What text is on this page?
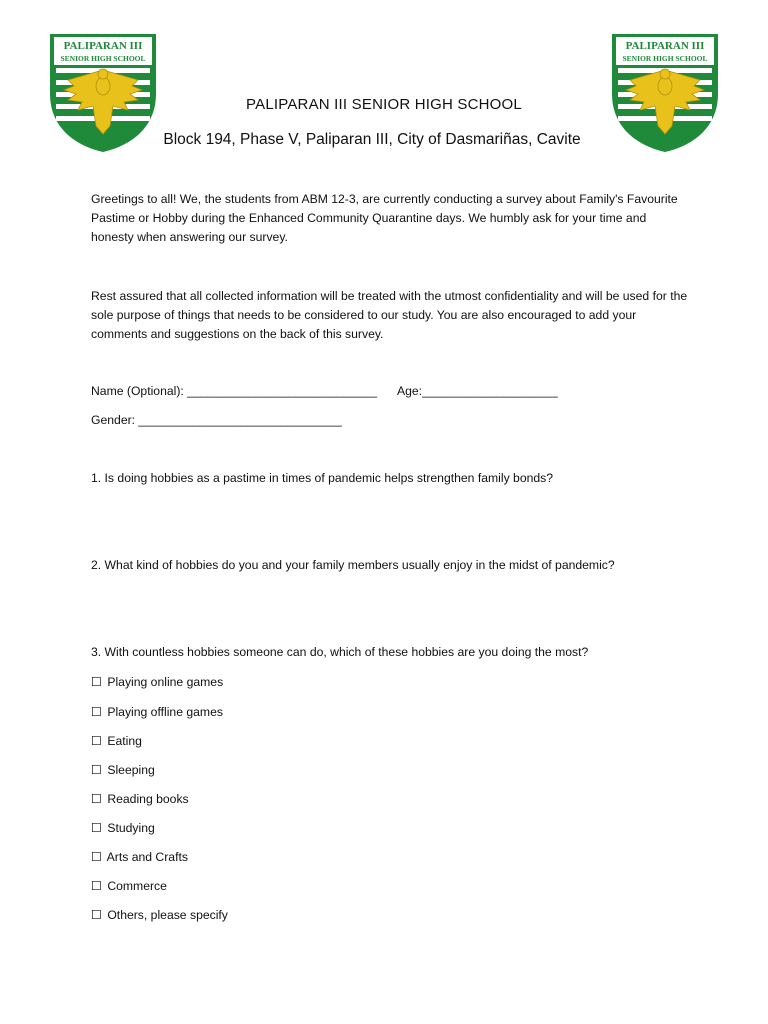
PALIPARAN III
SENIOR HIGH SCHOOL
PALIPARAN III
SENIOR HIGH SCHOOL
PALIPARAN III SENIOR HIGH SCHOOL
Block 194, Phase V, Paliparan III, City of Dasmariñas, Cavite

Greetings to all! We, the students from ABM 12-3, are currently conducting a survey about Family's Favourite Pastime or Hobby during the Enhanced Community Quarantine days. We humbly ask for your time and honesty when answering our survey.

Rest assured that all collected information will be treated with the utmost confidentiality and will be used for the sole purpose of things that needs to be considered to our study. You are also encouraged to add your comments and suggestions on the back of this survey.

Name (Optional): ____________________________ Age:____________________
Gender: ______________________________
1. Is doing hobbies as a pastime in times of pandemic helps strengthen family bonds?
2. What kind of hobbies do you and your family members usually enjoy in the midst of pandemic?
3. With countless hobbies someone can do, which of these hobbies are you doing the most?
☐ Playing online games
☐ Playing offline games
☐ Eating
☐ Sleeping
☐ Reading books
☐ Studying
☐ Arts and Crafts
☐ Commerce
☐ Others, please specify
